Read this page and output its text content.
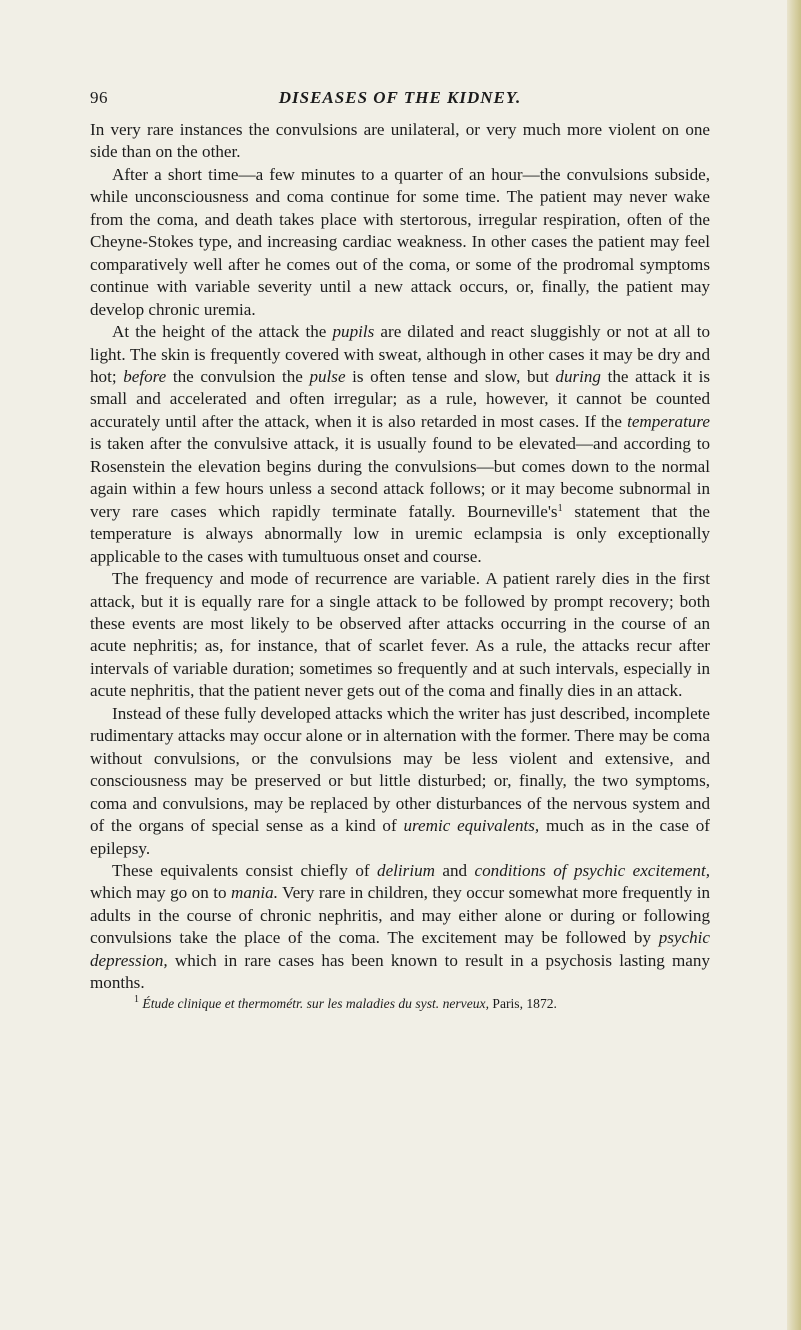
96	DISEASES OF THE KIDNEY.

In very rare instances the convulsions are unilateral, or very much more violent on one side than on the other.

After a short time—a few minutes to a quarter of an hour—the convulsions subside, while unconsciousness and coma continue for some time. The patient may never wake from the coma, and death takes place with stertorous, irregular respiration, often of the Cheyne-Stokes type, and increasing cardiac weakness. In other cases the patient may feel comparatively well after he comes out of the coma, or some of the prodromal symptoms continue with variable severity until a new attack occurs, or, finally, the patient may develop chronic uremia.

At the height of the attack the pupils are dilated and react sluggishly or not at all to light. The skin is frequently covered with sweat, although in other cases it may be dry and hot; before the convulsion the pulse is often tense and slow, but during the attack it is small and accelerated and often irregular; as a rule, however, it cannot be counted accurately until after the attack, when it is also retarded in most cases. If the temperature is taken after the convulsive attack, it is usually found to be elevated—and according to Rosenstein the elevation begins during the convulsions—but comes down to the normal again within a few hours unless a second attack follows; or it may become subnormal in very rare cases which rapidly terminate fatally. $Bourneville's^1$ statement that the temperature is always abnormally low in uremic eclampsia is only exceptionally applicable to the cases with tumultuous onset and course.

The frequency and mode of recurrence are variable. A patient rarely dies in the first attack, but it is equally rare for a single attack to be followed by prompt recovery; both these events are most likely to be observed after attacks occurring in the course of an acute nephritis; as, for instance, that of scarlet fever. As a rule, the attacks recur after intervals of variable duration; sometimes so frequently and at such intervals, especially in acute nephritis, that the patient never gets out of the coma and finally dies in an attack.

Instead of these fully developed attacks which the writer has just described, incomplete rudimentary attacks may occur alone or in alternation with the former. There may be coma without convulsions, or the convulsions may be less violent and extensive, and consciousness may be preserved or but little disturbed; or, finally, the two symptoms, coma and convulsions, may be replaced by other disturbances of the nervous system and of the organs of special sense as a kind of uremic equivalents, much as in the case of epilepsy.

These equivalents consist chiefly of delirium and conditions of psychic excitement, which may go on to mania. Very rare in children, they occur somewhat more frequently in adults in the course of chronic nephritis, and may either alone or during or following convulsions take the place of the coma. The excitement may be followed by psychic depression, which in rare cases has been known to result in a psychosis lasting many months.

$^1$ Étude clinique et thermométr. sur les maladies du syst. nerveux, Paris, 1872.
